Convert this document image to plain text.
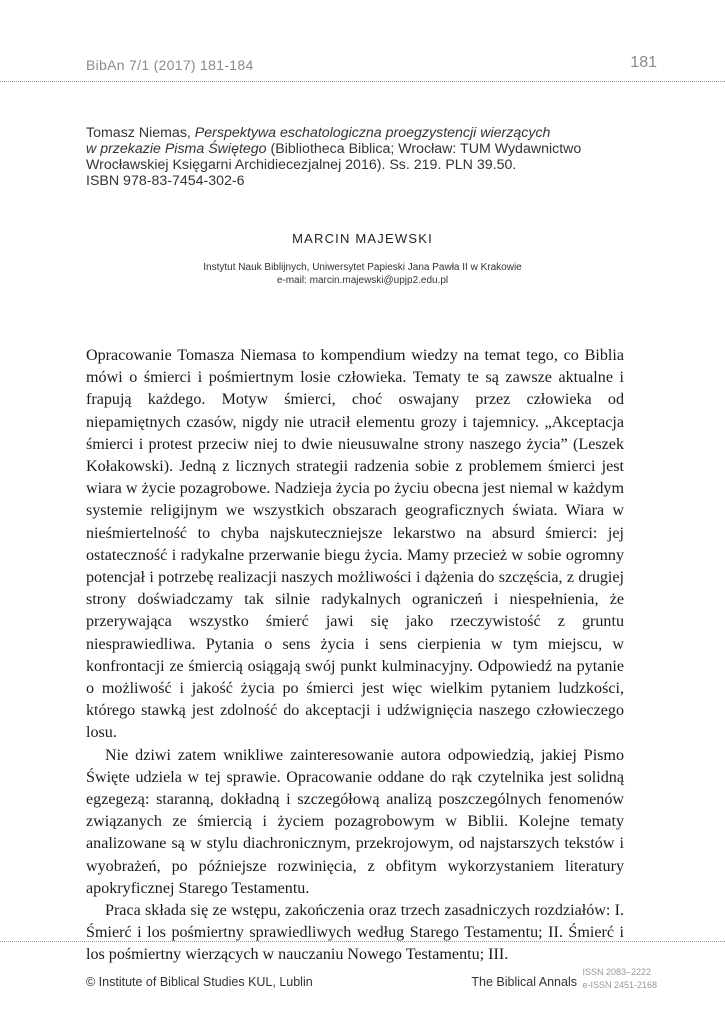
BibAn 7/1 (2017) 181-184	181
Tomasz Niemas, Perspektywa eschatologiczna proegzystencji wierzących
w przekazie Pisma Świętego (Bibliotheca Biblica; Wrocław: TUM Wydawnictwo
Wrocławskiej Księgarni Archidiecezjalnej 2016). Ss. 219. PLN 39.50.
ISBN 978-83-7454-302-6
MARCIN MAJEWSKI
Instytut Nauk Biblijnych, Uniwersytet Papieski Jana Pawła II w Krakowie
e-mail: marcin.majewski@upjp2.edu.pl

Opracowanie Tomasza Niemasa to kompendium wiedzy na temat tego, co Biblia mówi o śmierci i pośmiertnym losie człowieka. Tematy te są zawsze aktualne i frapują każdego. Motyw śmierci, choć oswajany przez człowieka od niepamiętnych czasów, nigdy nie utracił elementu grozy i tajemnicy. „Akceptacja śmierci i protest przeciw niej to dwie nieusuwalne strony naszego życia” (Leszek Kołakowski). Jedną z licznych strategii radzenia sobie z problemem śmierci jest wiara w życie pozagrobowe. Nadzieja życia po życiu obecna jest niemal w każdym systemie religijnym we wszystkich obszarach geograficznych świata. Wiara w nieśmiertelność to chyba najskuteczniejsze lekarstwo na absurd śmierci: jej ostateczność i radykalne przerwanie biegu życia. Mamy przecież w sobie ogromny potencjał i potrzebę realizacji naszych możliwości i dążenia do szczęścia, z drugiej strony doświadczamy tak silnie radykalnych ograniczeń i niespełnienia, że przerywająca wszystko śmierć jawi się jako rzeczywistość z gruntu niesprawiedliwa. Pytania o sens życia i sens cierpienia w tym miejscu, w konfrontacji ze śmiercią osiągają swój punkt kulminacyjny. Odpowiedź na pytanie o możliwość i jakość życia po śmierci jest więc wielkim pytaniem ludzkości, którego stawką jest zdolność do akceptacji i udźwignięcia naszego człowieczego losu.

Nie dziwi zatem wnikliwe zainteresowanie autora odpowiedzią, jakiej Pismo Święte udziela w tej sprawie. Opracowanie oddane do rąk czytelnika jest solidną egzegezą: staranną, dokładną i szczegółową analizą poszczególnych fenomenów związanych ze śmiercią i życiem pozagrobowym w Biblii. Kolejne tematy analizowane są w stylu diachronicznym, przekrojowym, od najstarszych tekstów i wyobrażeń, po późniejsze rozwinięcia, z obfitym wykorzystaniem literatury apokryficznej Starego Testamentu.

Praca składa się ze wstępu, zakończenia oraz trzech zasadniczych rozdziałów: I. Śmierć i los pośmiertny sprawiedliwych według Starego Testamentu; II. Śmierć i los pośmiertny wierzących w nauczaniu Nowego Testamentu; III.

© Institute of Biblical Studies KUL, Lublin	The Biblical Annals
ISSN 2083–2222
e-ISSN 2451-2168
